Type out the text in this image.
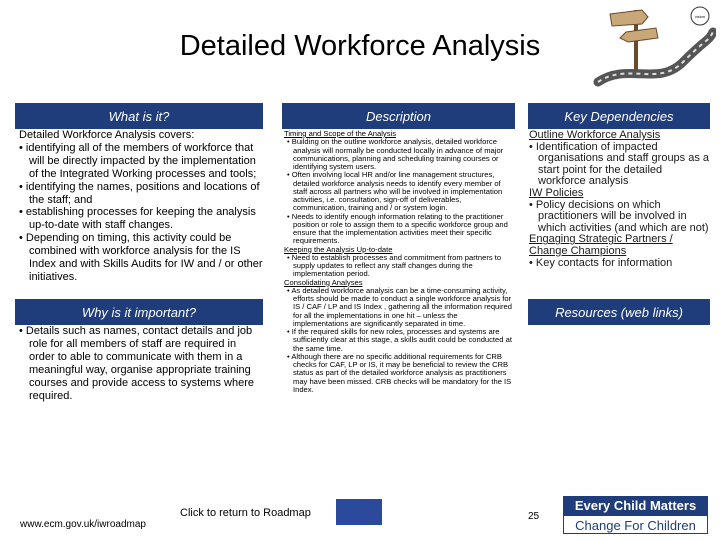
Detailed Workforce Analysis
vision
What is it?	Description	Key Dependencies
Why is it important?	Resources (web links)
Detailed Workforce Analysis covers:
• identifying all of the members of workforce that will be directly impacted by the implementation of the Integrated Working processes and tools;
• identifying the names, positions and locations of the staff; and
• establishing processes for keeping the analysis up-to-date with staff changes.
• Depending on timing, this activity could be combined with workforce analysis for the IS Index and with Skills Audits for IW and / or other initiatives.
• Details such as names, contact details and job role for all members of staff are required in order to able to communicate with them in a meaningful way, organise appropriate training courses and provide access to systems where required.
Timing and Scope of the Analysis
• Building on the outline workforce analysis, detailed workforce analysis will normally be conducted locally in advance of major communications, planning and scheduling training courses or identifying system users.
• Often involving local HR and/or line management structures, detailed workforce analysis needs to identify every member of staff across all partners who will be involved in implementation activities, i.e. consultation, sign-off of deliverables, communication, training and / or system login.
• Needs to identify enough information relating to the practitioner position or role to assign them to a specific workforce group and ensure that the implementation activities meet their specific requirements.
Keeping the Analysis Up-to-date
• Need to establish processes and commitment from partners to supply updates to reflect any staff changes during the implementation period.
Consolidating Analyses
• As detailed workforce analysis can be a time-consuming activity, efforts should be made to conduct a single workforce analysis for IS / CAF / LP and IS Index , gathering all the information required for all the implementations in one hit – unless the implementations are significantly separated in time.
• If the required skills for new roles, processes and systems are sufficiently clear at this stage, a skills audit could be conducted at the same time.
• Although there are no specific additional requirements for CRB checks for CAF, LP or IS, it may be beneficial to review the CRB status as part of the detailed workforce analysis as practitioners may have been missed. CRB checks will be mandatory for the IS Index.
Outline Workforce Analysis
• Identification of impacted organisations and staff groups as a start point for the detailed workforce analysis
IW Policies
• Policy decisions on which practitioners will be involved in which activities (and which are not)
Engaging Strategic Partners / Change Champions
• Key contacts for information
www.ecm.gov.uk/iwroadmap
Click to return to Roadmap	25
Every Child Matters
Change For Children
